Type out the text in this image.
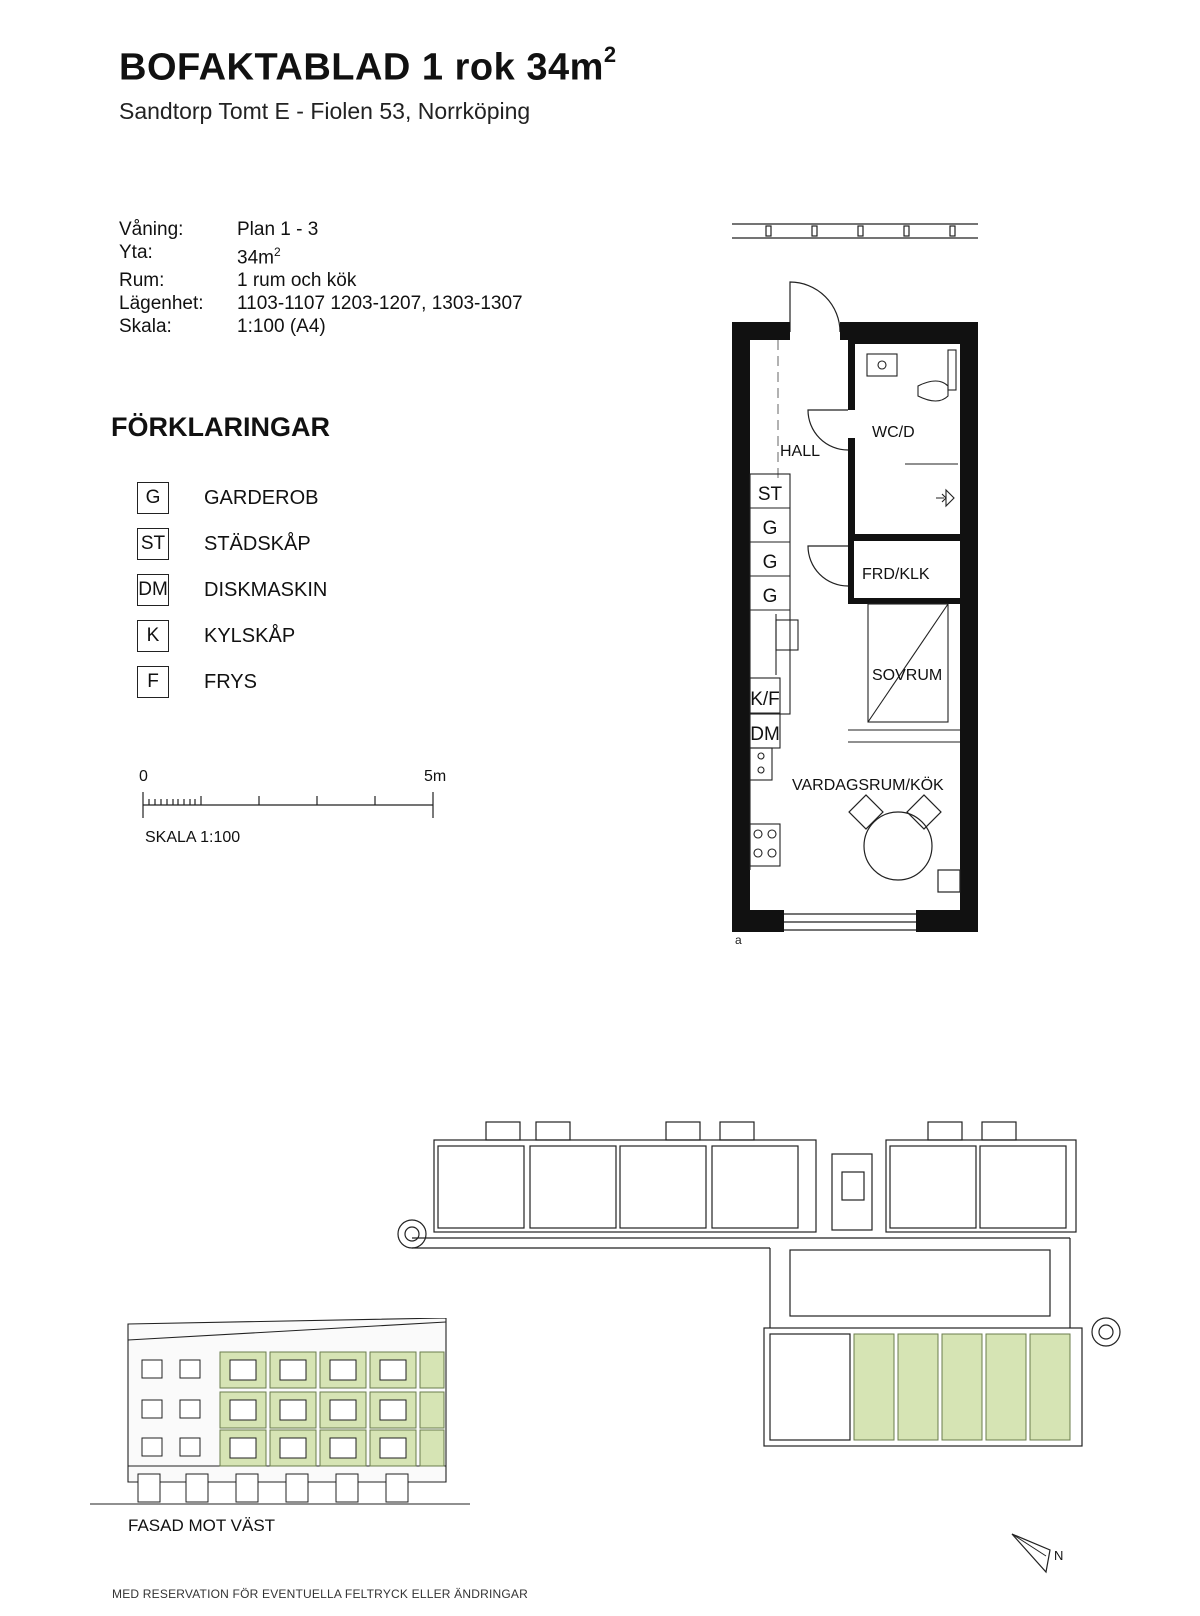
BOFAKTABLAD 1 rok $34m^2$
Sandtorp Tomt E - Fiolen 53, Norrköping
Våning:	Plan 1 - 3
Yta:	$34m^2$
Rum:	1 rum och kök
Lägenhet:	1103-1107 1203-1207, 1303-1307
Skala:	1:100 (A4)
FÖRKLARINGAR
G	GARDEROB
ST STÄDSKÅP
DM DISKMASKIN
K	KYLSKÅP
F	FRYS
0	5m
SKALA 1:100
a
ST
G
G
G
K/F
DM
HALL
WC/D
FRD/KLK
SOVRUM
VARDAGSRUM/KÖK
FASAD MOT VÄST
N
MED RESERVATION FÖR EVENTUELLA FELTRYCK ELLER ÄNDRINGAR
